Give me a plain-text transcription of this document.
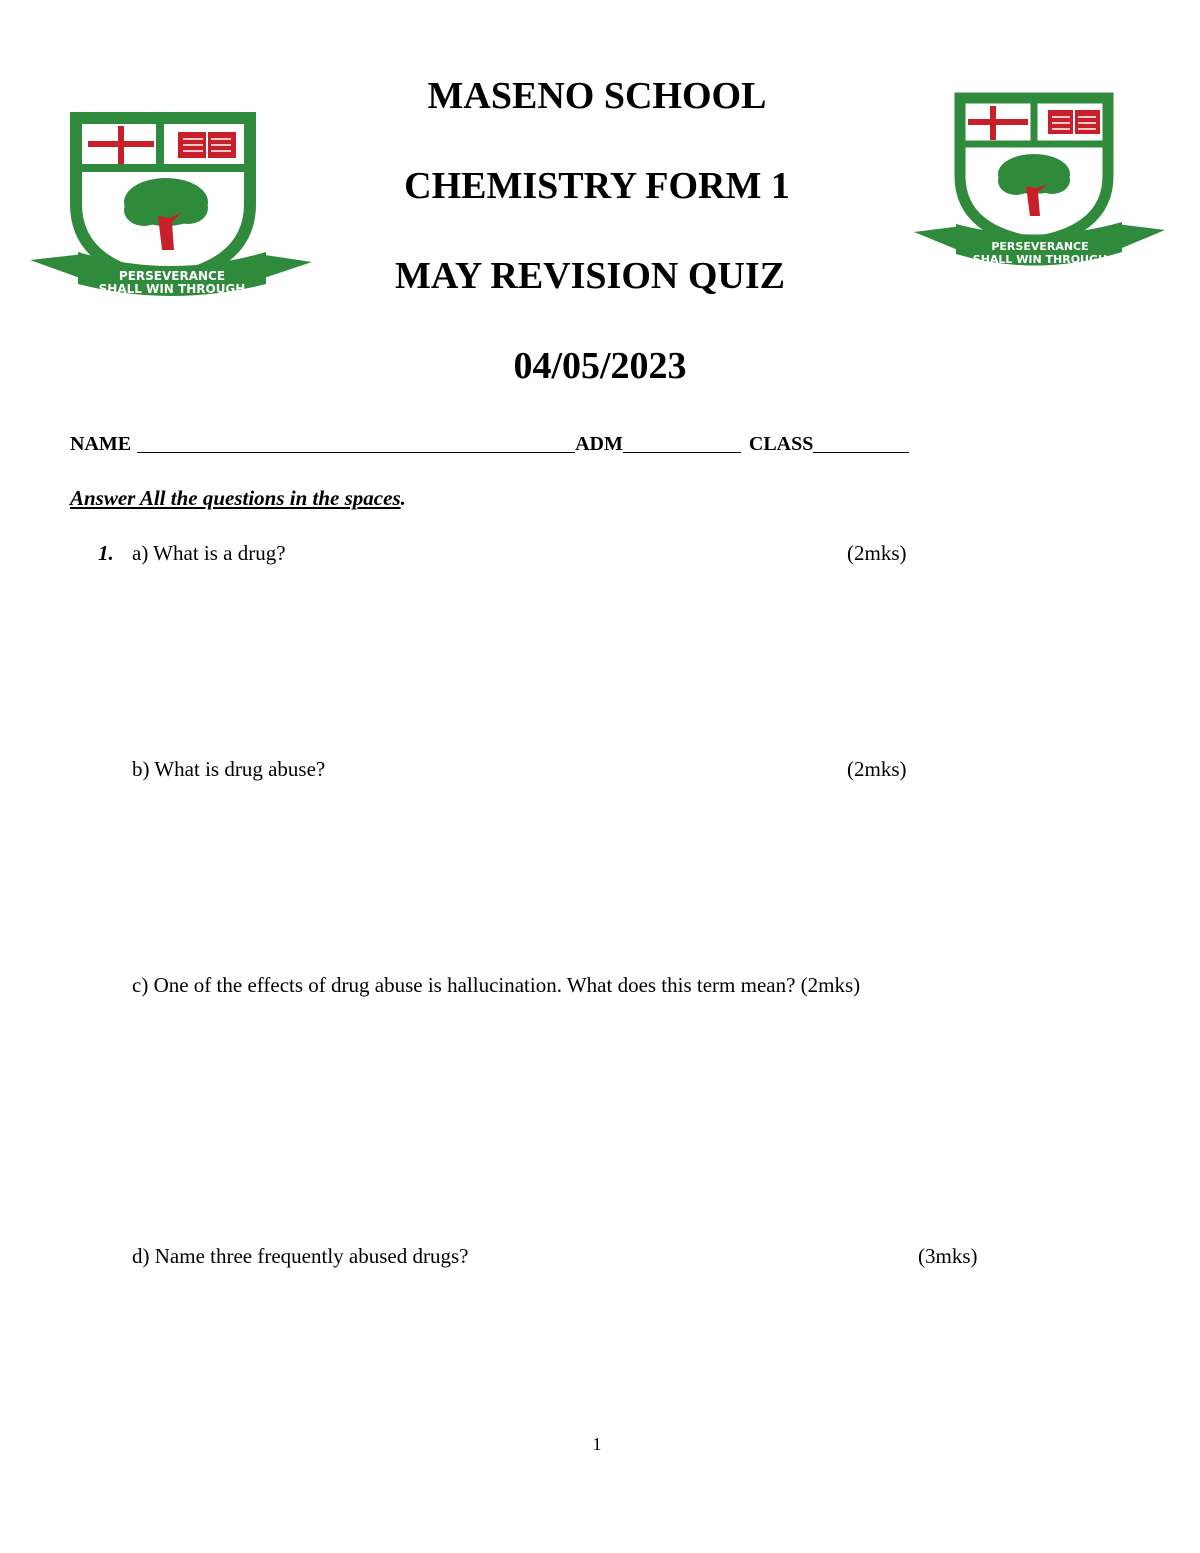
PERSEVERANCE
SHALL WIN THROUGH
PERSEVERANCE
SHALL WIN THROUGH
MASENO SCHOOL
CHEMISTRY FORM 1
MAY REVISION QUIZ
04/05/2023
NAME	ADM	CLASS
Answer All the questions in the spaces.
1. a) What is a drug?	(2mks)
b) What is drug abuse?	(2mks)
c) One of the effects of drug abuse is hallucination. What does this term mean? (2mks)
d) Name three frequently abused drugs?	(3mks)
1
